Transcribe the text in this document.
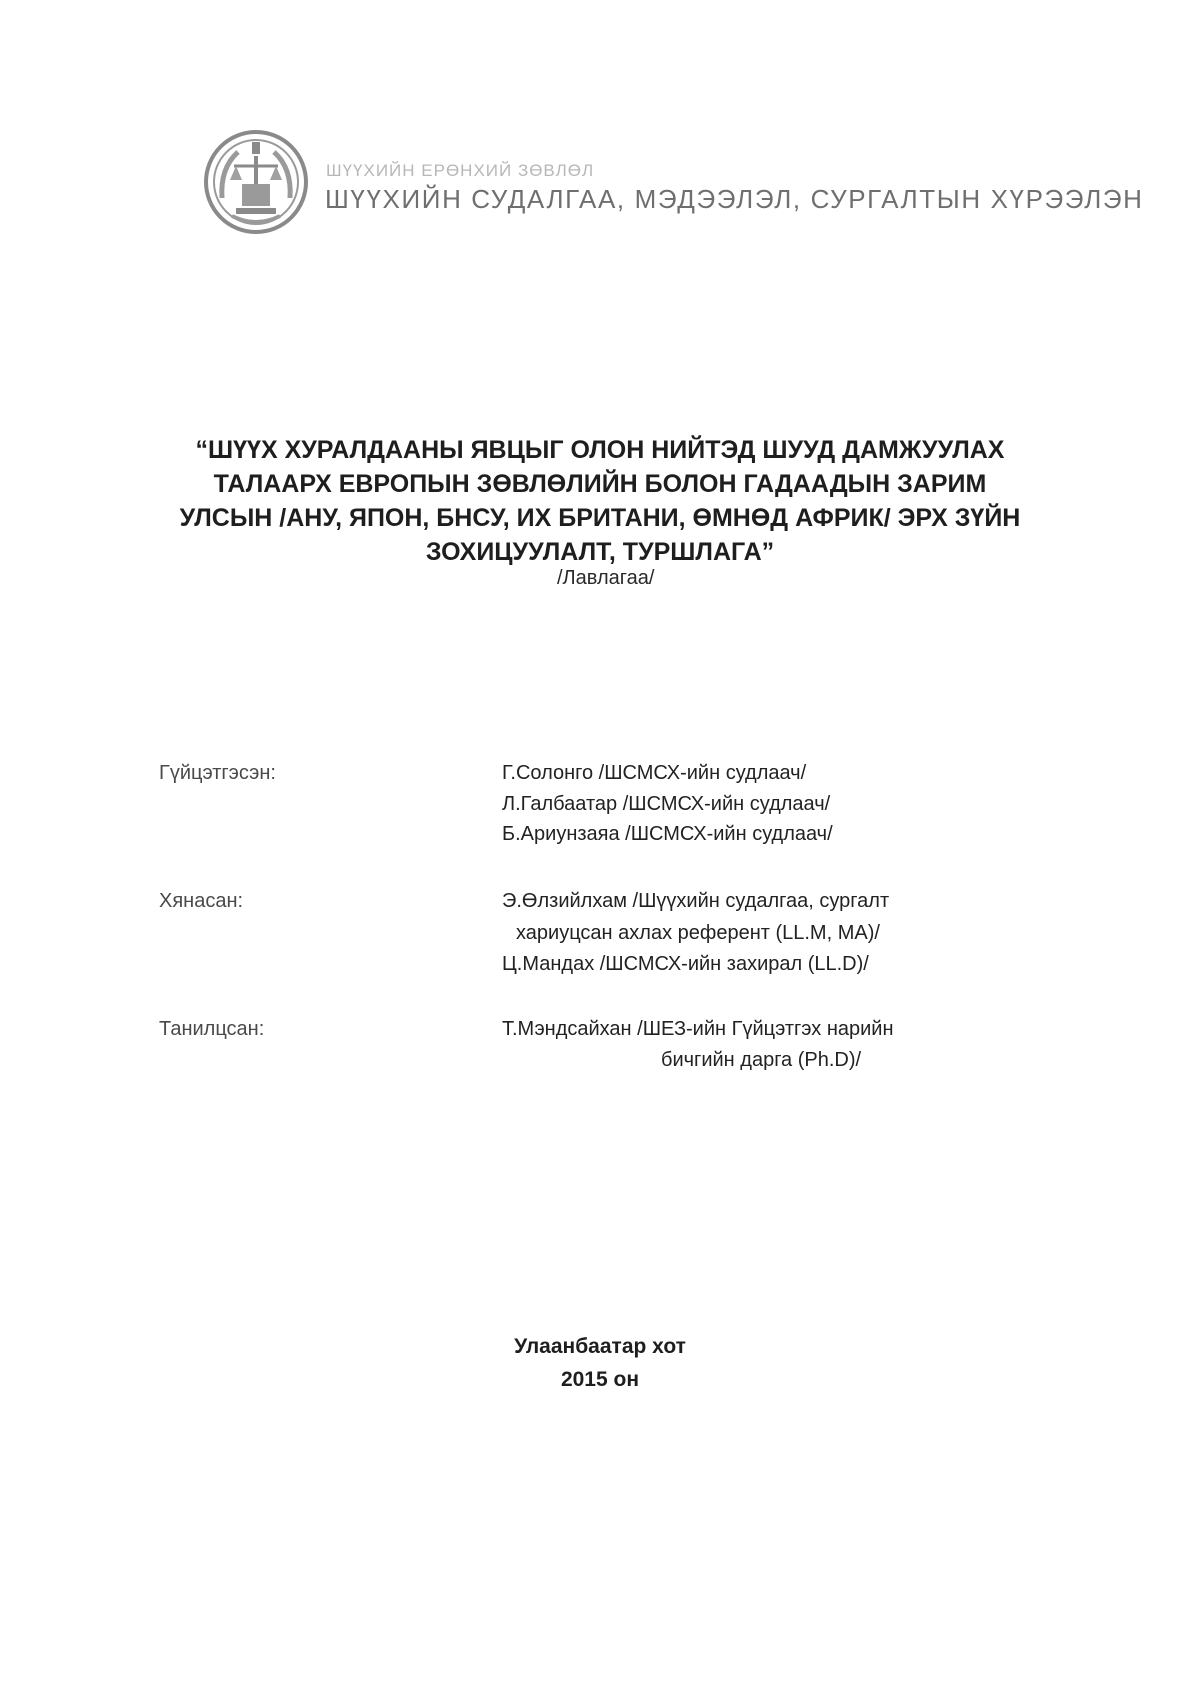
ШҮҮХИЙН ЕРӨНХИЙ ЗӨВЛӨЛ
ШҮҮХИЙН СУДАЛГАА, МЭДЭЭЛЭЛ, СУРГАЛТЫН ХҮРЭЭЛЭН
“ШҮҮХ ХУРАЛДААНЫ ЯВЦЫГ ОЛОН НИЙТЭД ШУУД ДАМЖУУЛАХ
ТАЛААРХ ЕВРОПЫН ЗӨВЛӨЛИЙН БОЛОН ГАДААДЫН ЗАРИМ
УЛСЫН /АНУ, ЯПОН, БНСУ, ИХ БРИТАНИ, ӨМНӨД АФРИК/ ЭРХ ЗҮЙН
ЗОХИЦУУЛАЛТ, ТУРШЛАГА”
/Лавлагаа/
Гүйцэтгэсэн:	Г.Солонго /ШСМСХ-ийн судлаач/
Л.Галбаатар /ШСМСХ-ийн судлаач/
Б.Ариунзаяа /ШСМСХ-ийн судлаач/
Хянасан:	Э.Өлзийлхам /Шүүхийн судалгаа, сургалт
хариуцсан ахлах референт (LL.M, MA)/
Ц.Мандах /ШСМСХ-ийн захирал (LL.D)/
Танилцсан:	Т.Мэндсайхан /ШЕЗ-ийн Гүйцэтгэх нарийн
бичгийн дарга (Ph.D)/
Улаанбаатар хот
2015 он
